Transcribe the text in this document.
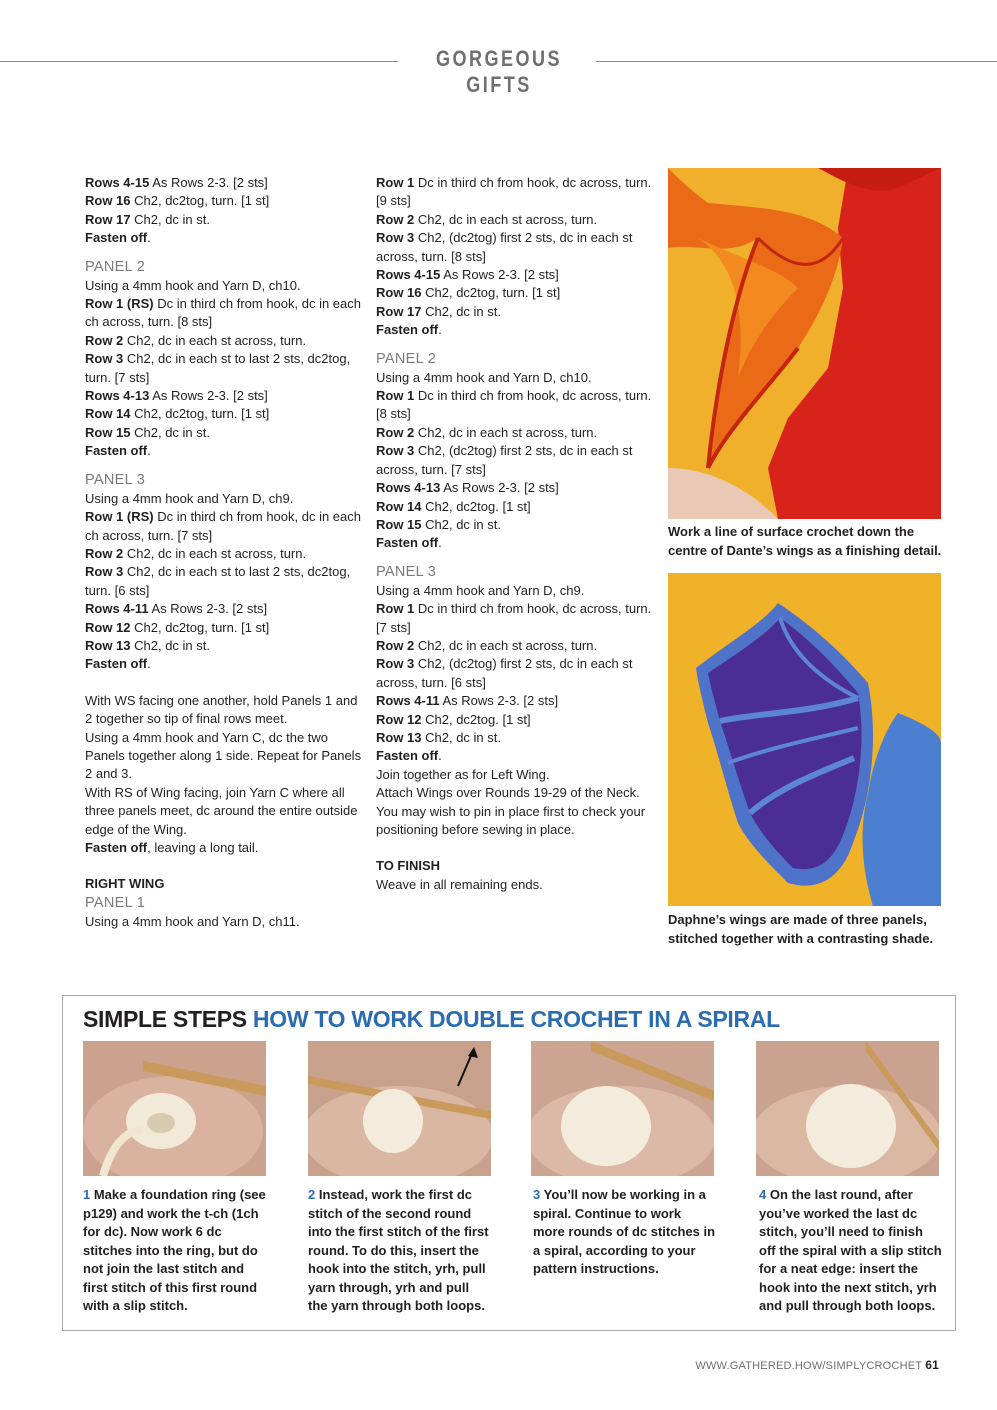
GORGEOUS GIFTS

Rows 4-15 As Rows 2-3. [2 sts]

Row 16 Ch2, dc2tog, turn. [1 st]

Row 17 Ch2, dc in st.

Fasten off.

PANEL 2

Using a 4mm hook and Yarn D, ch10.

Row 1 (RS) Dc in third ch from hook, dc in each ch across, turn. [8 sts]

Row 2 Ch2, dc in each st across, turn.

Row 3 Ch2, dc in each st to last 2 sts, dc2tog, turn. [7 sts]

Rows 4-13 As Rows 2-3. [2 sts]

Row 14 Ch2, dc2tog, turn. [1 st]

Row 15 Ch2, dc in st.

Fasten off.

PANEL 3

Using a 4mm hook and Yarn D, ch9.

Row 1 (RS) Dc in third ch from hook, dc in each ch across, turn. [7 sts]

Row 2 Ch2, dc in each st across, turn.

Row 3 Ch2, dc in each st to last 2 sts, dc2tog, turn. [6 sts]

Rows 4-11 As Rows 2-3. [2 sts]

Row 12 Ch2, dc2tog, turn. [1 st]

Row 13 Ch2, dc in st.

Fasten off.

With WS facing one another, hold Panels 1 and 2 together so tip of final rows meet.

Using a 4mm hook and Yarn C, dc the two Panels together along 1 side. Repeat for Panels 2 and 3.

With RS of Wing facing, join Yarn C where all three panels meet, dc around the entire outside edge of the Wing.

Fasten off, leaving a long tail.

RIGHT WING

PANEL 1

Using a 4mm hook and Yarn D, ch11.

Row 1 Dc in third ch from hook, dc across, turn. [9 sts]

Row 2 Ch2, dc in each st across, turn.

Row 3 Ch2, (dc2tog) first 2 sts, dc in each st across, turn. [8 sts]

Rows 4-15 As Rows 2-3. [2 sts]

Row 16 Ch2, dc2tog, turn. [1 st]

Row 17 Ch2, dc in st.

Fasten off.

PANEL 2

Using a 4mm hook and Yarn D, ch10.

Row 1 Dc in third ch from hook, dc across, turn. [8 sts]

Row 2 Ch2, dc in each st across, turn.

Row 3 Ch2, (dc2tog) first 2 sts, dc in each st across, turn. [7 sts]

Rows 4-13 As Rows 2-3. [2 sts]

Row 14 Ch2, dc2tog. [1 st]

Row 15 Ch2, dc in st.

Fasten off.

PANEL 3

Using a 4mm hook and Yarn D, ch9.

Row 1 Dc in third ch from hook, dc across, turn. [7 sts]

Row 2 Ch2, dc in each st across, turn.

Row 3 Ch2, (dc2tog) first 2 sts, dc in each st across, turn. [6 sts]

Rows 4-11 As Rows 2-3. [2 sts]

Row 12 Ch2, dc2tog. [1 st]

Row 13 Ch2, dc in st.

Fasten off.

Join together as for Left Wing.

Attach Wings over Rounds 19-29 of the Neck. You may wish to pin in place first to check your positioning before sewing in place.

TO FINISH

Weave in all remaining ends.

Work a line of surface crochet down the centre of Dante’s wings as a finishing detail.
Daphne’s wings are made of three panels, stitched together with a contrasting shade.
SIMPLE STEPS HOW TO WORK DOUBLE CROCHET IN A SPIRAL
1 Make a foundation ring (see p129) and work the t-ch (1ch for dc). Now work 6 dc stitches into the ring, but do not join the last stitch and first stitch of this first round with a slip stitch.
2 Instead, work the first dc stitch of the second round into the first stitch of the first round. To do this, insert the hook into the stitch, yrh, pull yarn through, yrh and pull the yarn through both loops.
3 You’ll now be working in a spiral. Continue to work more rounds of dc stitches in a spiral, according to your pattern instructions.
4 On the last round, after you’ve worked the last dc stitch, you’ll need to finish off the spiral with a slip stitch for a neat edge: insert the hook into the next stitch, yrh and pull through both loops.
WWW.GATHERED.HOW/SIMPLYCROCHET 61
